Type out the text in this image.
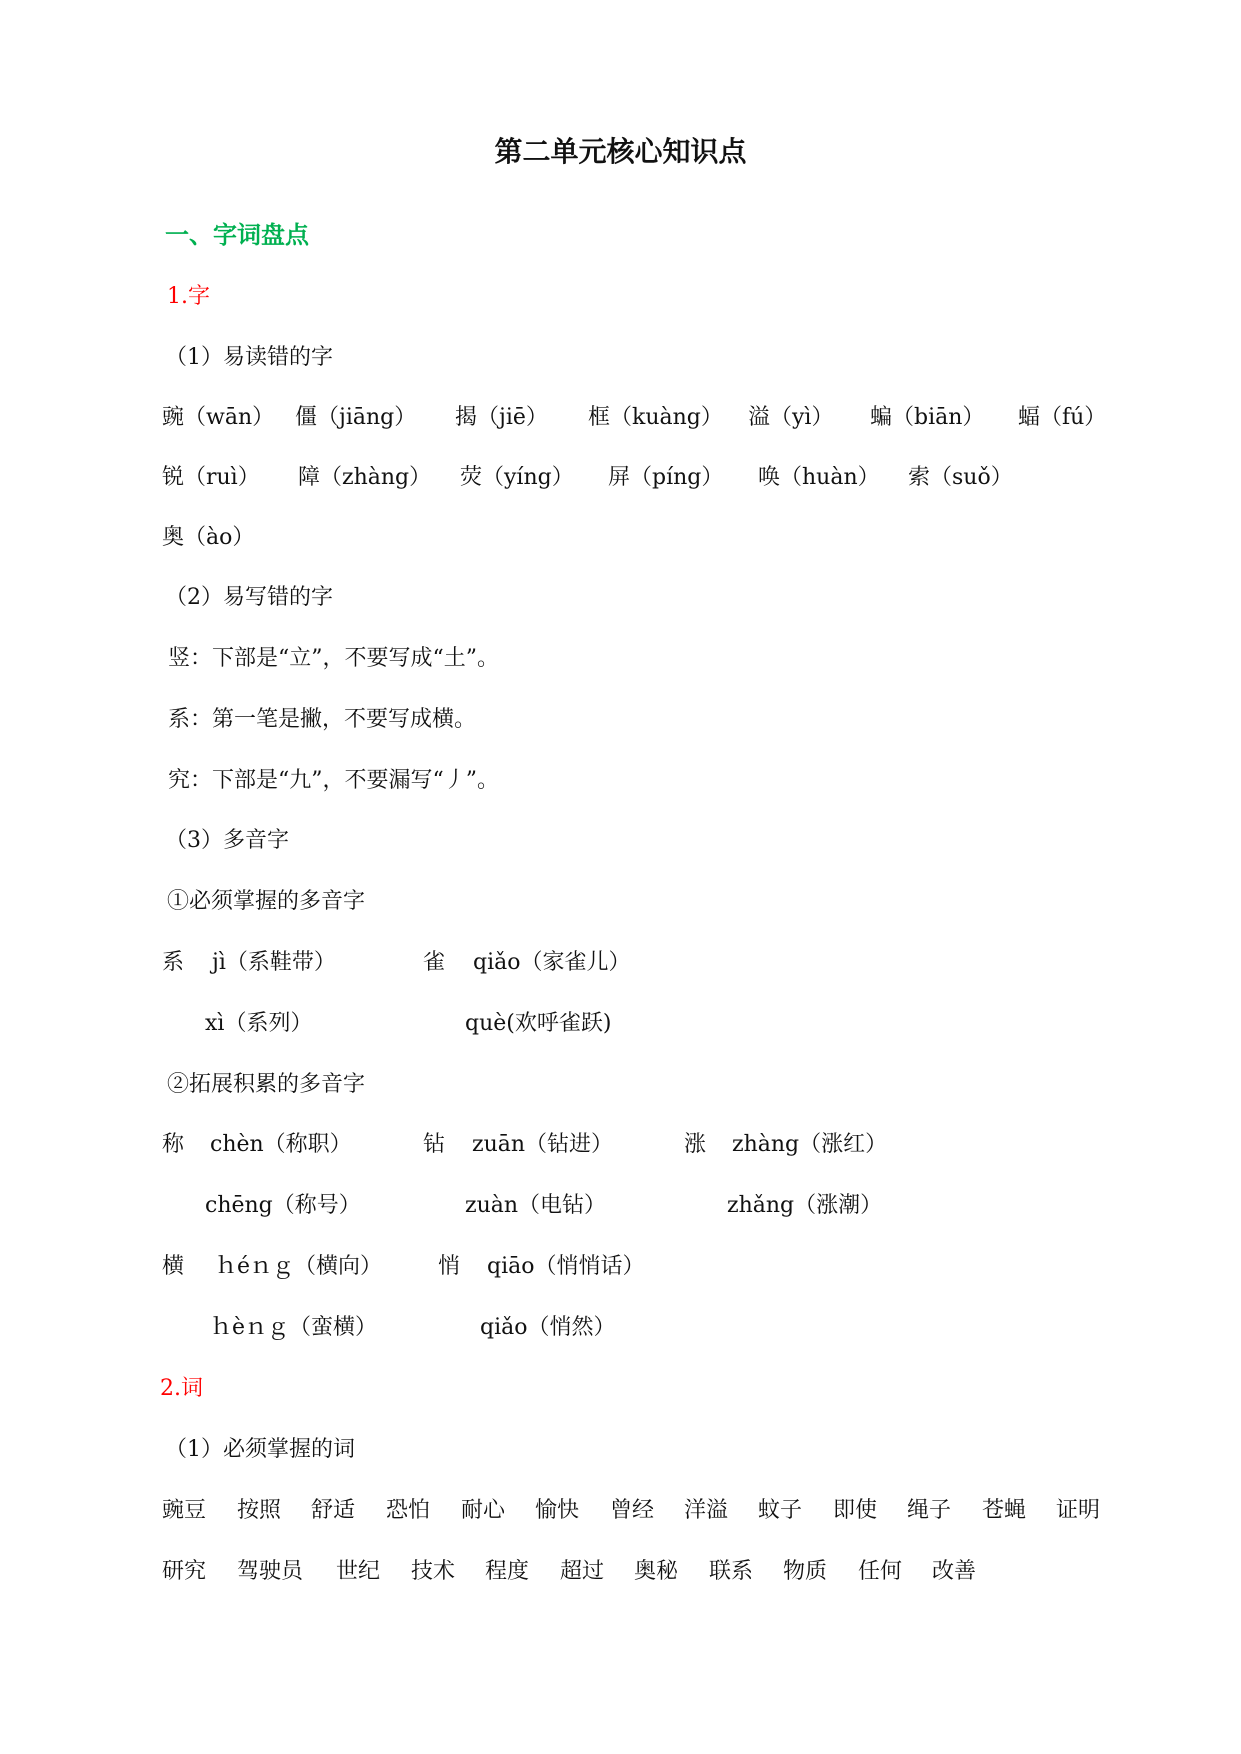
第二单元核心知识点
一、字词盘点
1.字
（1）易读错的字
豌（wān） 僵（jiāng） 揭（jiē） 框（kuàng） 溢（yì） 蝙（biān） 蝠（fú）
锐（ruì） 障（zhàng） 荧（yíng） 屏（píng） 唤（huàn） 索（suǒ）
奥（ào）
（2）易写错的字
竖：下部是“立”，不要写成“土”。
系：第一笔是撇，不要写成横。
究：下部是“九”，不要漏写“丿”。
（3）多音字
①必须掌握的多音字
系 jì（系鞋带）	雀 qiǎo（家雀儿）
xì（系列）	què(欢呼雀跃)
②拓展积累的多音字
称 chèn（称职）	钻 zuān（钻进）	涨 zhàng（涨红）
chēng（称号）	zuàn（电钻）	zhǎng（涨潮）
横 ｈéｎｇ（横向）	悄 qiāo（悄悄话）
ｈèｎｇ（蛮横）	qiǎo（悄然）
2.词
（1）必须掌握的词
豌豆 按照 舒适 恐怕 耐心 愉快 曾经 洋溢 蚊子 即使 绳子 苍蝇 证明
研究 驾驶员 世纪 技术 程度 超过 奥秘 联系 物质 任何 改善
